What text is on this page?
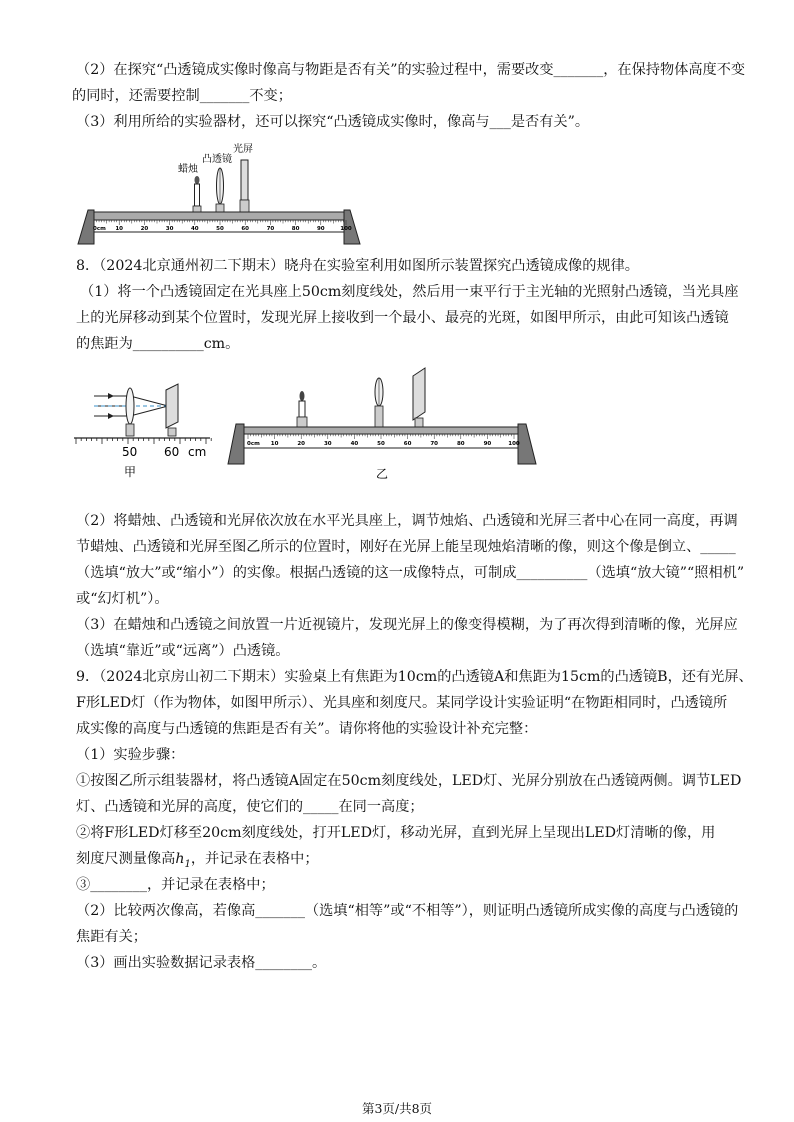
（2）在探究“凸透镜成实像时像高与物距是否有关”的实验过程中，需要改变_______，在保持物体高度不变
的同时，还需要控制_______不变；
（3）利用所给的实验器材，还可以探究“凸透镜成实像时，像高与___是否有关”。
蜡烛
凸透镜
光屏
0cm 10	20	30	40	50	60	70	80	90	100
8．（2024北京通州初二下期末）晓舟在实验室利用如图所示装置探究凸透镜成像的规律。
（1）将一个凸透镜固定在光具座上50cm刻度线处，然后用一束平行于主光轴的光照射凸透镜，当光具座
上的光屏移动到某个位置时，发现光屏上接收到一个最小、最亮的光斑，如图甲所示，由此可知该凸透镜
的焦距为__________cm。
50 60 cm
甲
0cm 10	20	30	40	50	60	70	80	90	100
乙
（2）将蜡烛、凸透镜和光屏依次放在水平光具座上，调节烛焰、凸透镜和光屏三者中心在同一高度，再调
节蜡烛、凸透镜和光屏至图乙所示的位置时，刚好在光屏上能呈现烛焰清晰的像，则这个像是倒立、_____
（选填“放大”或“缩小”）的实像。根据凸透镜的这一成像特点，可制成__________（选填“放大镜”“照相机”
或“幻灯机”）。
（3）在蜡烛和凸透镜之间放置一片近视镜片，发现光屏上的像变得模糊，为了再次得到清晰的像，光屏应
（选填“靠近”或“远离”）凸透镜。
9．（2024北京房山初二下期末）实验桌上有焦距为10cm的凸透镜A和焦距为15cm的凸透镜B，还有光屏、
F形LED灯（作为物体，如图甲所示）、光具座和刻度尺。某同学设计实验证明“在物距相同时，凸透镜所
成实像的高度与凸透镜的焦距是否有关”。请你将他的实验设计补充完整：
（1）实验步骤：
①按图乙所示组装器材，将凸透镜A固定在50cm刻度线处，LED灯、光屏分别放在凸透镜两侧。调节LED
灯、凸透镜和光屏的高度，使它们的_____在同一高度；
②将F形LED灯移至20cm刻度线处，打开LED灯，移动光屏，直到光屏上呈现出LED灯清晰的像，用
刻度尺测量像高$h_1$，并记录在表格中；
③________，并记录在表格中；
（2）比较两次像高，若像高_______（选填“相等”或“不相等”），则证明凸透镜所成实像的高度与凸透镜的
焦距有关；
（3）画出实验数据记录表格________。
第3页/共8页
